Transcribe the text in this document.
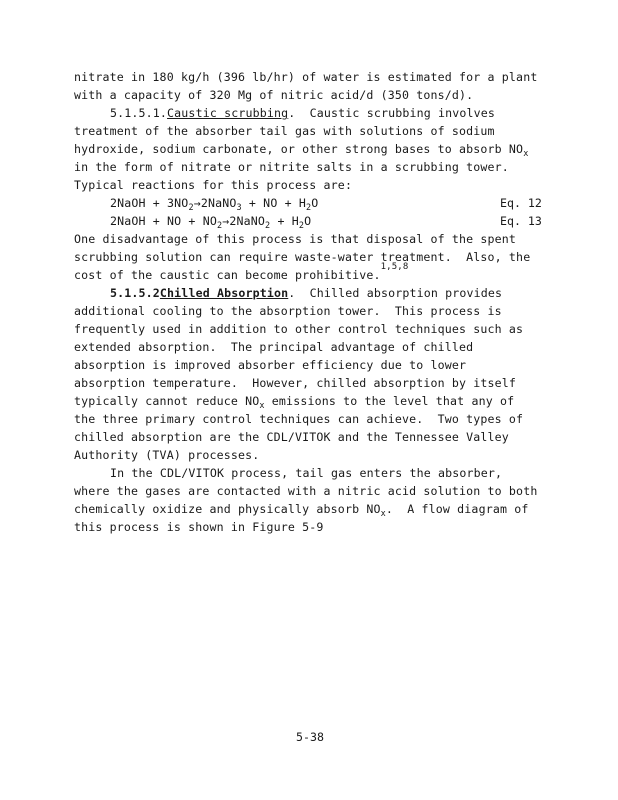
nitrate in 180 kg/h (396 lb/hr) of water is estimated for a plant
with a capacity of 320 Mg of nitric acid/d (350 tons/d).
5.1.5.1.Caustic scrubbing.  Caustic scrubbing involves
treatment of the absorber tail gas with solutions of sodium
hydroxide, sodium carbonate, or other strong bases to absorb $NO_x$
in the form of nitrate or nitrite salts in a scrubbing tower.
Typical reactions for this process are:
2NaOH + $3NO_2\to 2NaNO_3$ + NO + $H_2O$	Eq. 12
2NaOH + NO + $NO_2\to 2NaNO_2 + H_2O$	Eq. 13
One disadvantage of this process is that disposal of the spent
scrubbing solution can require waste-water treatment.  Also, the
cost of the caustic can become prohibitive.
1,5,8
5.1.5.2Chilled Absorption.  Chilled absorption provides
additional cooling to the absorption tower.  This process is
frequently used in addition to other control techniques such as
extended absorption.  The principal advantage of chilled
absorption is improved absorber efficiency due to lower
absorption temperature.  However, chilled absorption by itself
typically cannot reduce $NO_x$ emissions to the level that any of
the three primary control techniques can achieve.  Two types of
chilled absorption are the CDL/VITOK and the Tennessee Valley
Authority (TVA) processes.
In the CDL/VITOK process, tail gas enters the absorber,
where the gases are contacted with a nitric acid solution to both
chemically oxidize and physically absorb $NO_x$.  A flow diagram of
this process is shown in Figure 5-9
5-38
